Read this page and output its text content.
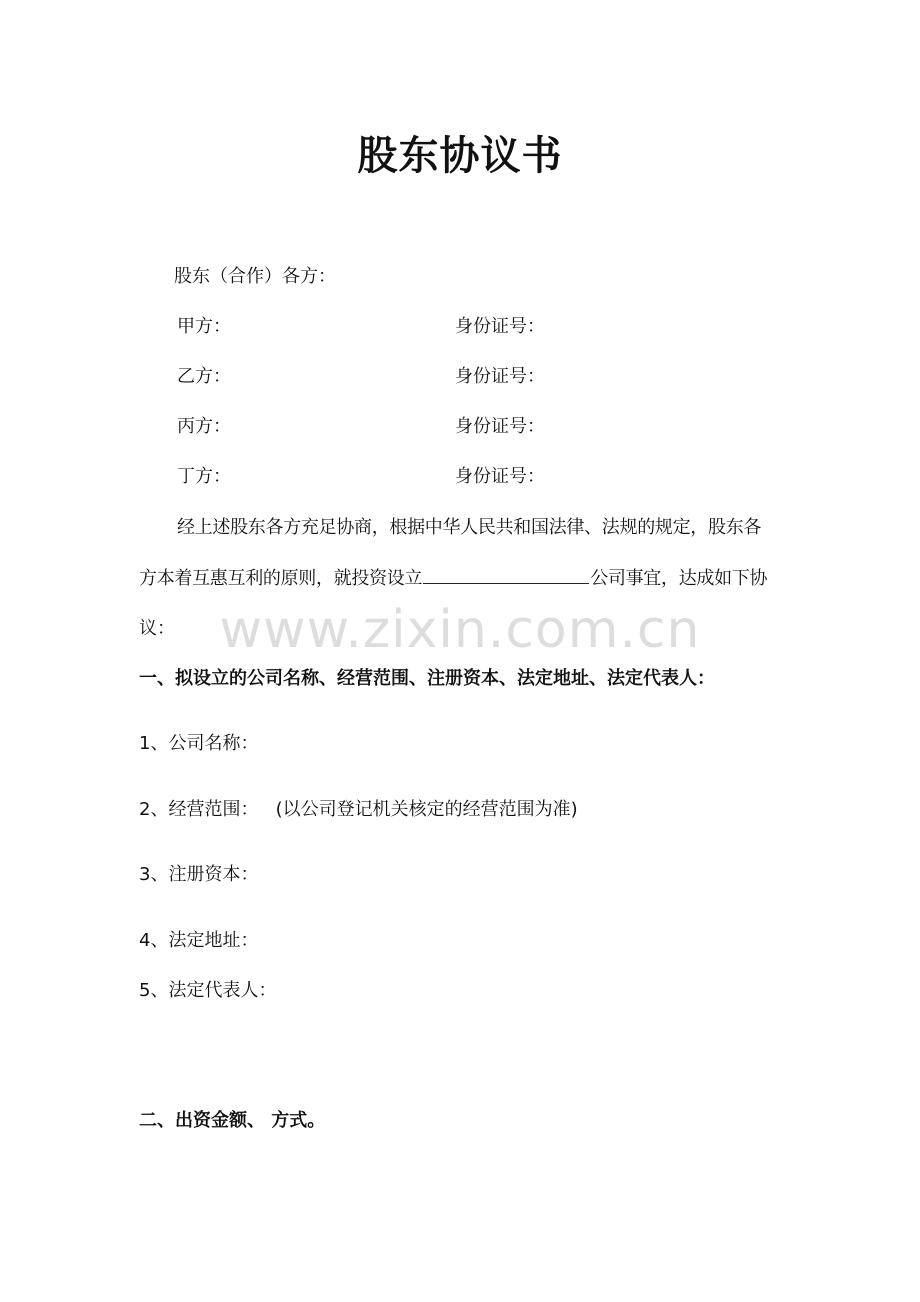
股东协议书
股东（合作）各方：
甲方：	身份证号：
乙方：	身份证号：
丙方：	身份证号：
丁方：	身份证号：
经上述股东各方充足协商，根据中华人民共和国法律、法规的规定，股东各
方本着互惠互利的原则，就投资设立	公司事宜，达成如下协
议： www.zixin.com.cn
一、拟设立的公司名称、经营范围、注册资本、法定地址、法定代表人：
1、公司名称：
2、经营范围：   (以公司登记机关核定的经营范围为准)
3、注册资本：
4、法定地址：
5、法定代表人：
二、出资金额、 方式。
